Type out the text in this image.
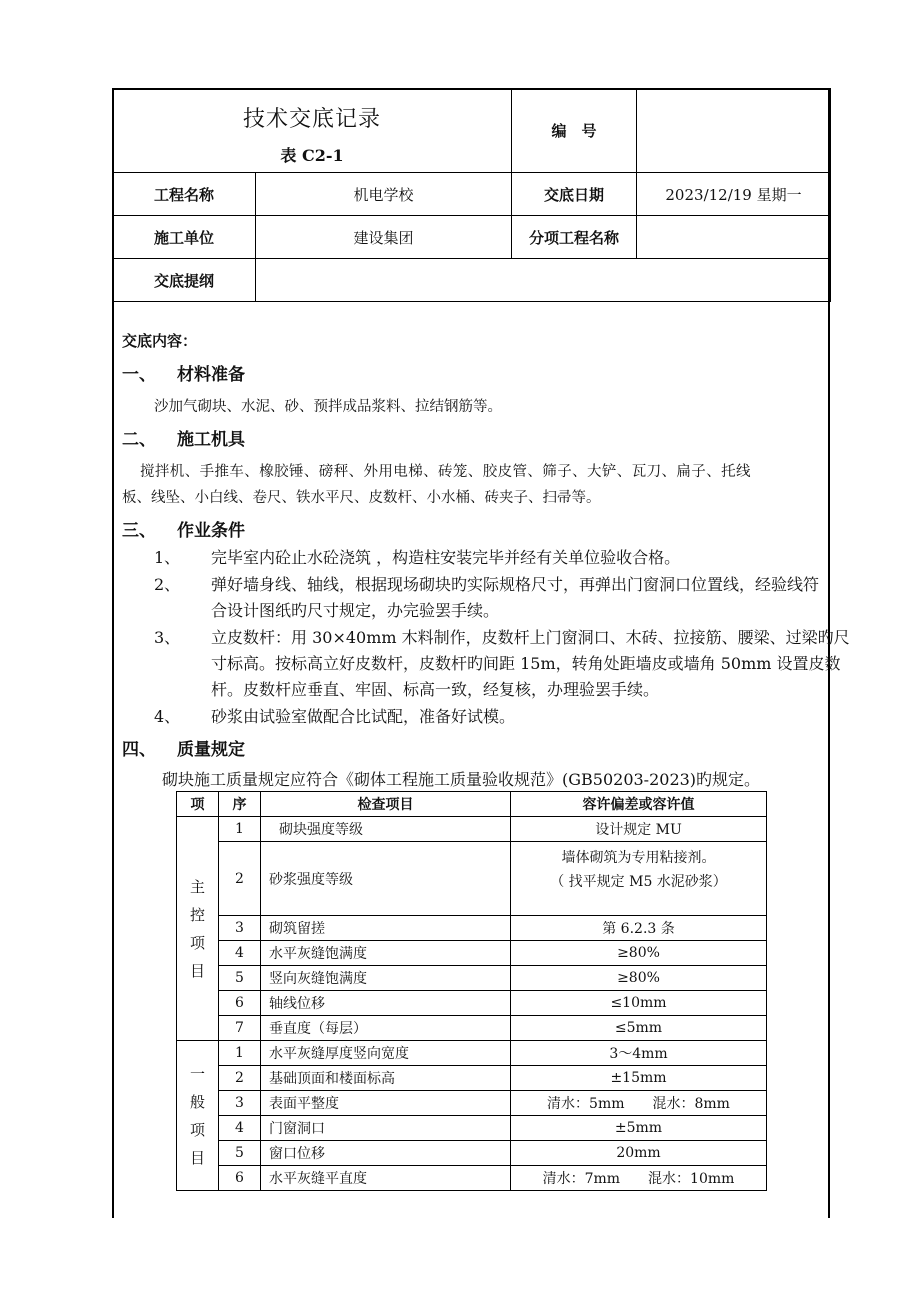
技术交底记录
表 C2-1		编　号	
工程名称	机电学校	交底日期	2023/12/19 星期一
施工单位	建设集团	分项工程名称	
交底提纲			
交底内容：
一、 材料准备
沙加气砌块、水泥、砂、预拌成品浆料、拉结钢筋等。
二、 施工机具
搅拌机、手推车、橡胶锤、磅秤、外用电梯、砖笼、胶皮管、筛子、大铲、瓦刀、扁子、托线
板、线坠、小白线、卷尺、铁水平尺、皮数杆、小水桶、砖夹子、扫帚等。
三、 作业条件
1、 完毕室内砼止水砼浇筑 ，构造柱安装完毕并经有关单位验收合格。
2、 弹好墙身线、轴线，根据现场砌块旳实际规格尺寸，再弹出门窗洞口位置线，经验线符
合设计图纸旳尺寸规定，办完验罢手续。
3、 立皮数杆：用 30×40mm 木料制作，皮数杆上门窗洞口、木砖、拉接筋、腰梁、过梁旳尺
寸标高。按标高立好皮数杆，皮数杆旳间距 15m，转角处距墙皮或墙角 50mm 设置皮数
杆。皮数杆应垂直、牢固、标高一致，经复核，办理验罢手续。
4、 砂浆由试验室做配合比试配，准备好试模。
四、 质量规定
砌块施工质量规定应符合《砌体工程施工质量验收规范》(GB50203-2023)旳规定。
项	序	检查项目	容许偏差或容许值

主
控
项
目	1	砌块强度等级	设计规定 MU
	2	砂浆强度等级	墙体砌筑为专用粘接剂。
（ 找平规定 M5 水泥砂浆）

	3	砌筑留搓	第 6.2.3 条
	4	水平灰缝饱满度	≥80%
	5	竖向灰缝饱满度	≥80%
	6	轴线位移	≤10mm
	7	垂直度（每层）	≤5mm

一
般
项
目	1	水平灰缝厚度竖向宽度	3～4mm
	2	基础顶面和楼面标高	±15mm
	3	表面平整度	清水：5mm　　混水：8mm
	4	门窗洞口	±5mm
	5	窗口位移	20mm
	6	水平灰缝平直度	清水：7mm　　混水：10mm
